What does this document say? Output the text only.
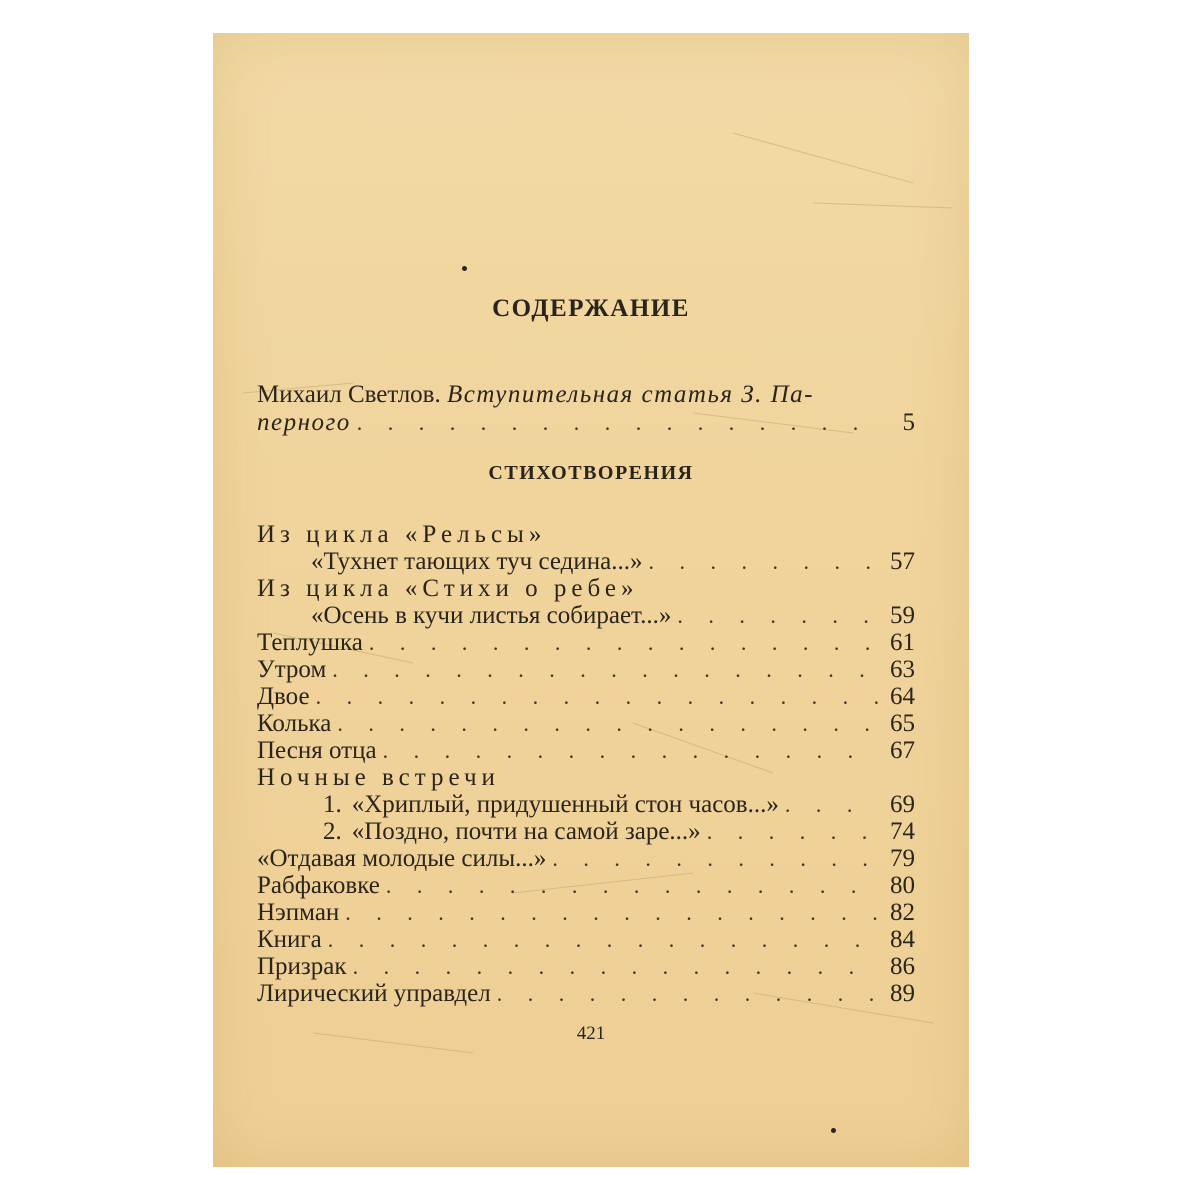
СОДЕРЖАНИЕ
Михаил Светлов. Вступительная статья З. Па-
перного . . .	5
СТИХОТВОРЕНИЯ
Из цикла «Рельсы»
«Тухнет тающих туч седина...» . . .	57
Из цикла «Стихи о ребе»
«Осень в кучи листья собирает...» . . .	59
Теплушка . . .	61
Утром . . .	63
Двое . . .	64
Колька . . .	65
Песня отца . . .	67
Ночные встречи
1. «Хриплый, придушенный стон часов...» . . .	69
2. «Поздно, почти на самой заре...» . . .	74
«Отдавая молодые силы...» . . .	79
Рабфаковке . . .	80
Нэпман . . .	82
Книга . . .	84
Призрак . . .	86
Лирический управдел . . .	89
421
